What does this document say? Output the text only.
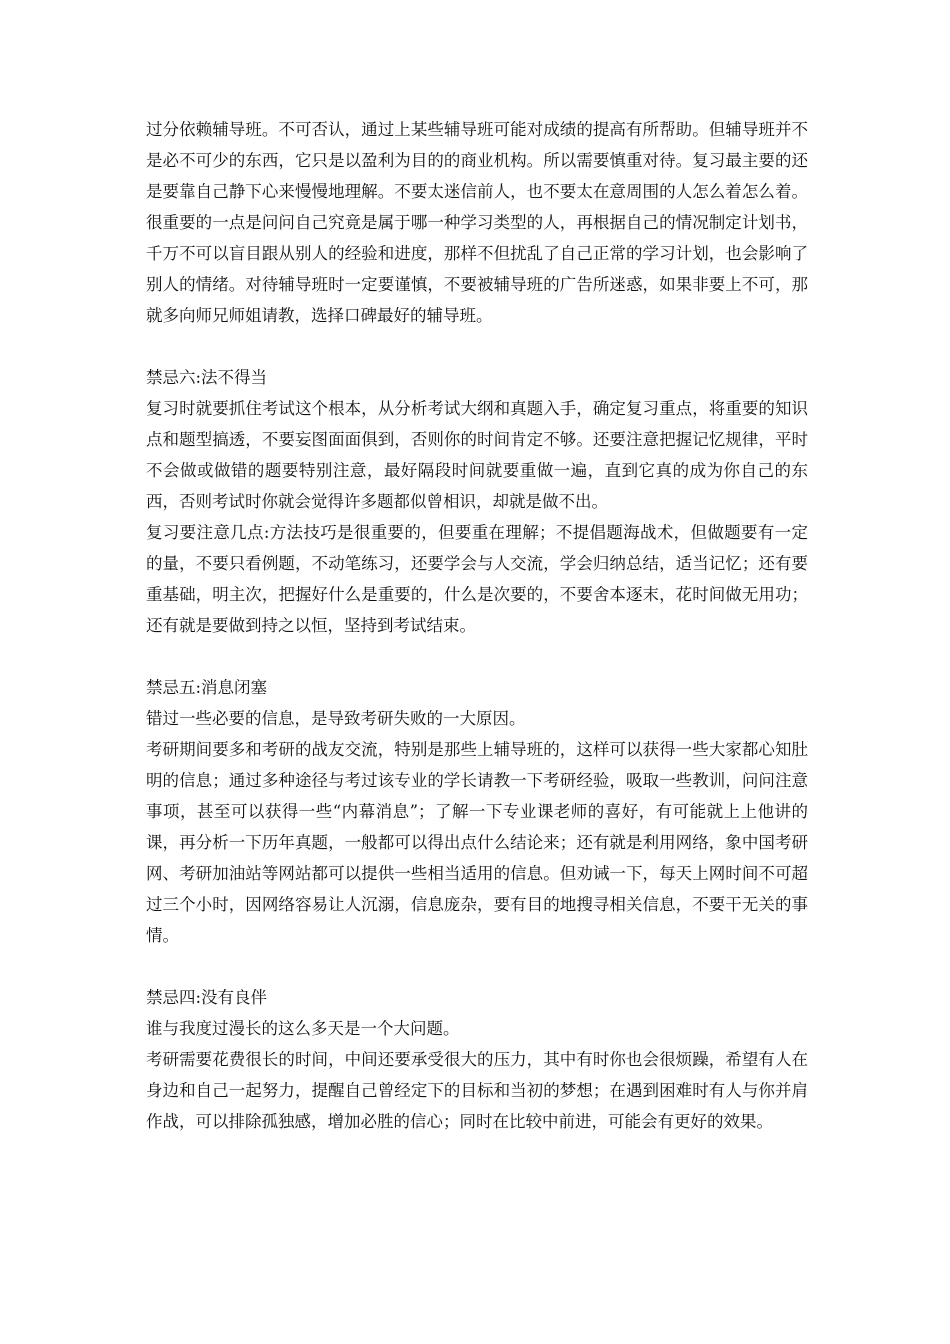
过分依赖辅导班。不可否认，通过上某些辅导班可能对成绩的提高有所帮助。但辅导班并不是必不可少的东西，它只是以盈利为目的的商业机构。所以需要慎重对待。复习最主要的还是要靠自己静下心来慢慢地理解。不要太迷信前人，也不要太在意周围的人怎么着怎么着。很重要的一点是问问自己究竟是属于哪一种学习类型的人，再根据自己的情况制定计划书，千万不可以盲目跟从别人的经验和进度，那样不但扰乱了自己正常的学习计划，也会影响了别人的情绪。对待辅导班时一定要谨慎，不要被辅导班的广告所迷惑，如果非要上不可，那就多向师兄师姐请教，选择口碑最好的辅导班。

禁忌六:法不得当

复习时就要抓住考试这个根本，从分析考试大纲和真题入手，确定复习重点，将重要的知识点和题型搞透，不要妄图面面俱到，否则你的时间肯定不够。还要注意把握记忆规律，平时不会做或做错的题要特别注意，最好隔段时间就要重做一遍，直到它真的成为你自己的东西，否则考试时你就会觉得许多题都似曾相识，却就是做不出。

复习要注意几点:方法技巧是很重要的，但要重在理解；不提倡题海战术，但做题要有一定的量，不要只看例题，不动笔练习，还要学会与人交流，学会归纳总结，适当记忆；还有要重基础，明主次，把握好什么是重要的，什么是次要的，不要舍本逐末，花时间做无用功；还有就是要做到持之以恒，坚持到考试结束。

禁忌五:消息闭塞

错过一些必要的信息，是导致考研失败的一大原因。

考研期间要多和考研的战友交流，特别是那些上辅导班的，这样可以获得一些大家都心知肚明的信息；通过多种途径与考过该专业的学长请教一下考研经验，吸取一些教训，问问注意事项，甚至可以获得一些“内幕消息”；了解一下专业课老师的喜好，有可能就上上他讲的课，再分析一下历年真题，一般都可以得出点什么结论来；还有就是利用网络，象中国考研网、考研加油站等网站都可以提供一些相当适用的信息。但劝诫一下，每天上网时间不可超过三个小时，因网络容易让人沉溺，信息庞杂，要有目的地搜寻相关信息，不要干无关的事情。

禁忌四:没有良伴

谁与我度过漫长的这么多天是一个大问题。

考研需要花费很长的时间，中间还要承受很大的压力，其中有时你也会很烦躁，希望有人在身边和自己一起努力，提醒自己曾经定下的目标和当初的梦想；在遇到困难时有人与你并肩作战，可以排除孤独感，增加必胜的信心；同时在比较中前进，可能会有更好的效果。
